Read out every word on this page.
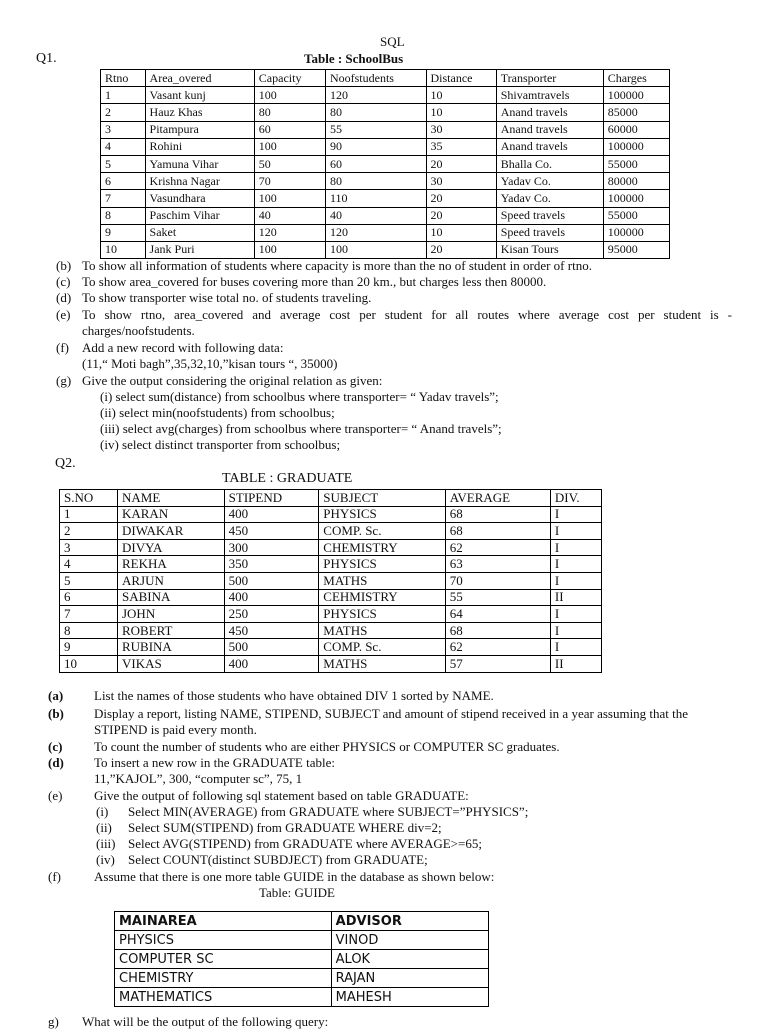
SQL
Q1.	Table : SchoolBus
Rtno	Area_overed	Capacity	Noofstudents	Distance	Transporter	Charges
1	Vasant kunj	100	120	10	Shivamtravels	100000
2	Hauz Khas	80	80	10	Anand travels	85000
3	Pitampura	60	55	30	Anand travels	60000
4	Rohini	100	90	35	Anand travels	100000
5	Yamuna Vihar	50	60	20	Bhalla Co.	55000
6	Krishna Nagar	70	80	30	Yadav Co.	80000
7	Vasundhara	100	110	20	Yadav Co.	100000
8	Paschim Vihar	40	40	20	Speed travels	55000
9	Saket	120	120	10	Speed travels	100000
10	Jank Puri	100	100	20	Kisan Tours	95000
(b) To show all information of students where capacity is more than the no of student in order of rtno.
(c) To show area_covered for buses covering more than 20 km., but charges less then 80000.
(d) To show transporter wise total no. of students traveling.
(e) To show rtno, area_covered and average cost per student for all routes where average cost per student is -
charges/noofstudents.
(f) Add a new record with following data:
(11,“ Moti bagh”,35,32,10,”kisan tours “, 35000)
(g) Give the output considering the original relation as given:
(i) select sum(distance) from schoolbus where transporter= “ Yadav travels”;
(ii) select min(noofstudents) from schoolbus;
(iii) select avg(charges) from schoolbus where transporter= “ Anand travels”;
(iv) select distinct transporter from schoolbus;
Q2.
TABLE : GRADUATE
S.NO	NAME	STIPEND	SUBJECT	AVERAGE	DIV.
1	KARAN	400	PHYSICS	68	I
2	DIWAKAR	450	COMP. Sc.	68	I
3	DIVYA	300	CHEMISTRY	62	I
4	REKHA	350	PHYSICS	63	I
5	ARJUN	500	MATHS	70	I
6	SABINA	400	CEHMISTRY	55	II
7	JOHN	250	PHYSICS	64	I
8	ROBERT	450	MATHS	68	I
9	RUBINA	500	COMP. Sc.	62	I
10	VIKAS	400	MATHS	57	II
(a) List the names of those students who have obtained DIV 1 sorted by NAME.
(b) Display a report, listing NAME, STIPEND, SUBJECT and amount of stipend received in a year assuming that the
STIPEND is paid every month.
(c) To count the number of students who are either PHYSICS or COMPUTER SC graduates.
(d) To insert a new row in the GRADUATE table:
11,”KAJOL”, 300, “computer sc”, 75, 1
(e) Give the output of following sql statement based on table GRADUATE:
(i) Select MIN(AVERAGE) from GRADUATE where SUBJECT=”PHYSICS”;
(ii) Select SUM(STIPEND) from GRADUATE WHERE div=2;
(iii) Select AVG(STIPEND) from GRADUATE where AVERAGE>=65;
(iv) Select COUNT(distinct SUBDJECT) from GRADUATE;
(f)	Assume that there is one more table GUIDE in the database as shown below:
Table: GUIDE
g) What will be the output of the following query:
MAINAREA	ADVISOR
PHYSICS	VINOD
COMPUTER SC	ALOK
CHEMISTRY	RAJAN
MATHEMATICS	MAHESH
